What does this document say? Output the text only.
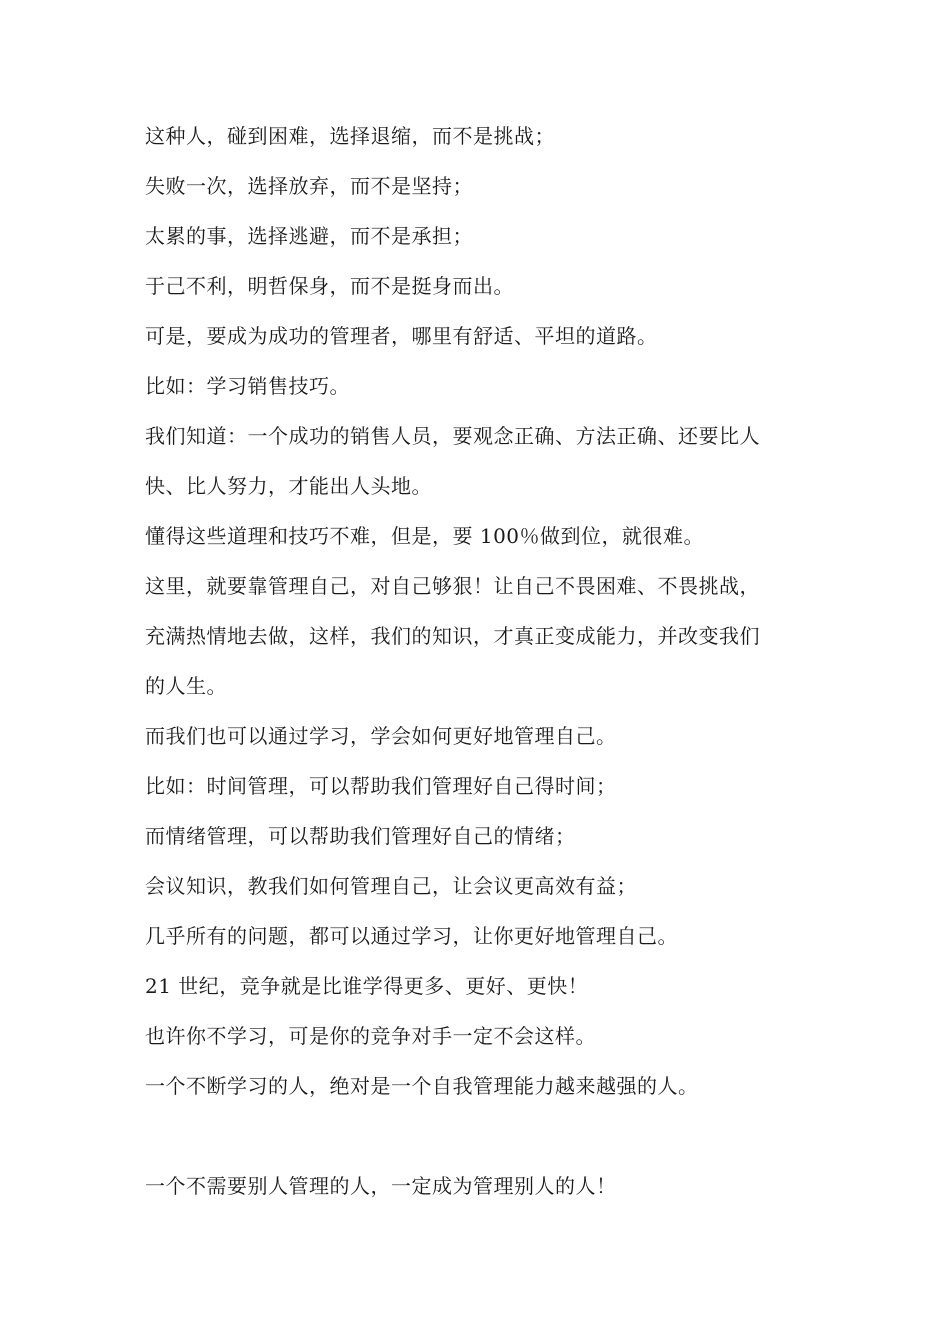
这种人，碰到困难，选择退缩，而不是挑战；
失败一次，选择放弃，而不是坚持；
太累的事，选择逃避，而不是承担；
于己不利，明哲保身，而不是挺身而出。
可是，要成为成功的管理者，哪里有舒适、平坦的道路。
比如：学习销售技巧。
我们知道：一个成功的销售人员，要观念正确、方法正确、还要比人
快、比人努力，才能出人头地。
懂得这些道理和技巧不难，但是，要 100％做到位，就很难。
这里，就要靠管理自己，对自己够狠！让自己不畏困难、不畏挑战，
充满热情地去做，这样，我们的知识，才真正变成能力，并改变我们
的人生。
而我们也可以通过学习，学会如何更好地管理自己。
比如：时间管理，可以帮助我们管理好自己得时间；
而情绪管理，可以帮助我们管理好自己的情绪；
会议知识，教我们如何管理自己，让会议更高效有益；
几乎所有的问题，都可以通过学习，让你更好地管理自己。
21 世纪，竞争就是比谁学得更多、更好、更快！
也许你不学习，可是你的竞争对手一定不会这样。
一个不断学习的人，绝对是一个自我管理能力越来越强的人。
一个不需要别人管理的人，一定成为管理别人的人！
